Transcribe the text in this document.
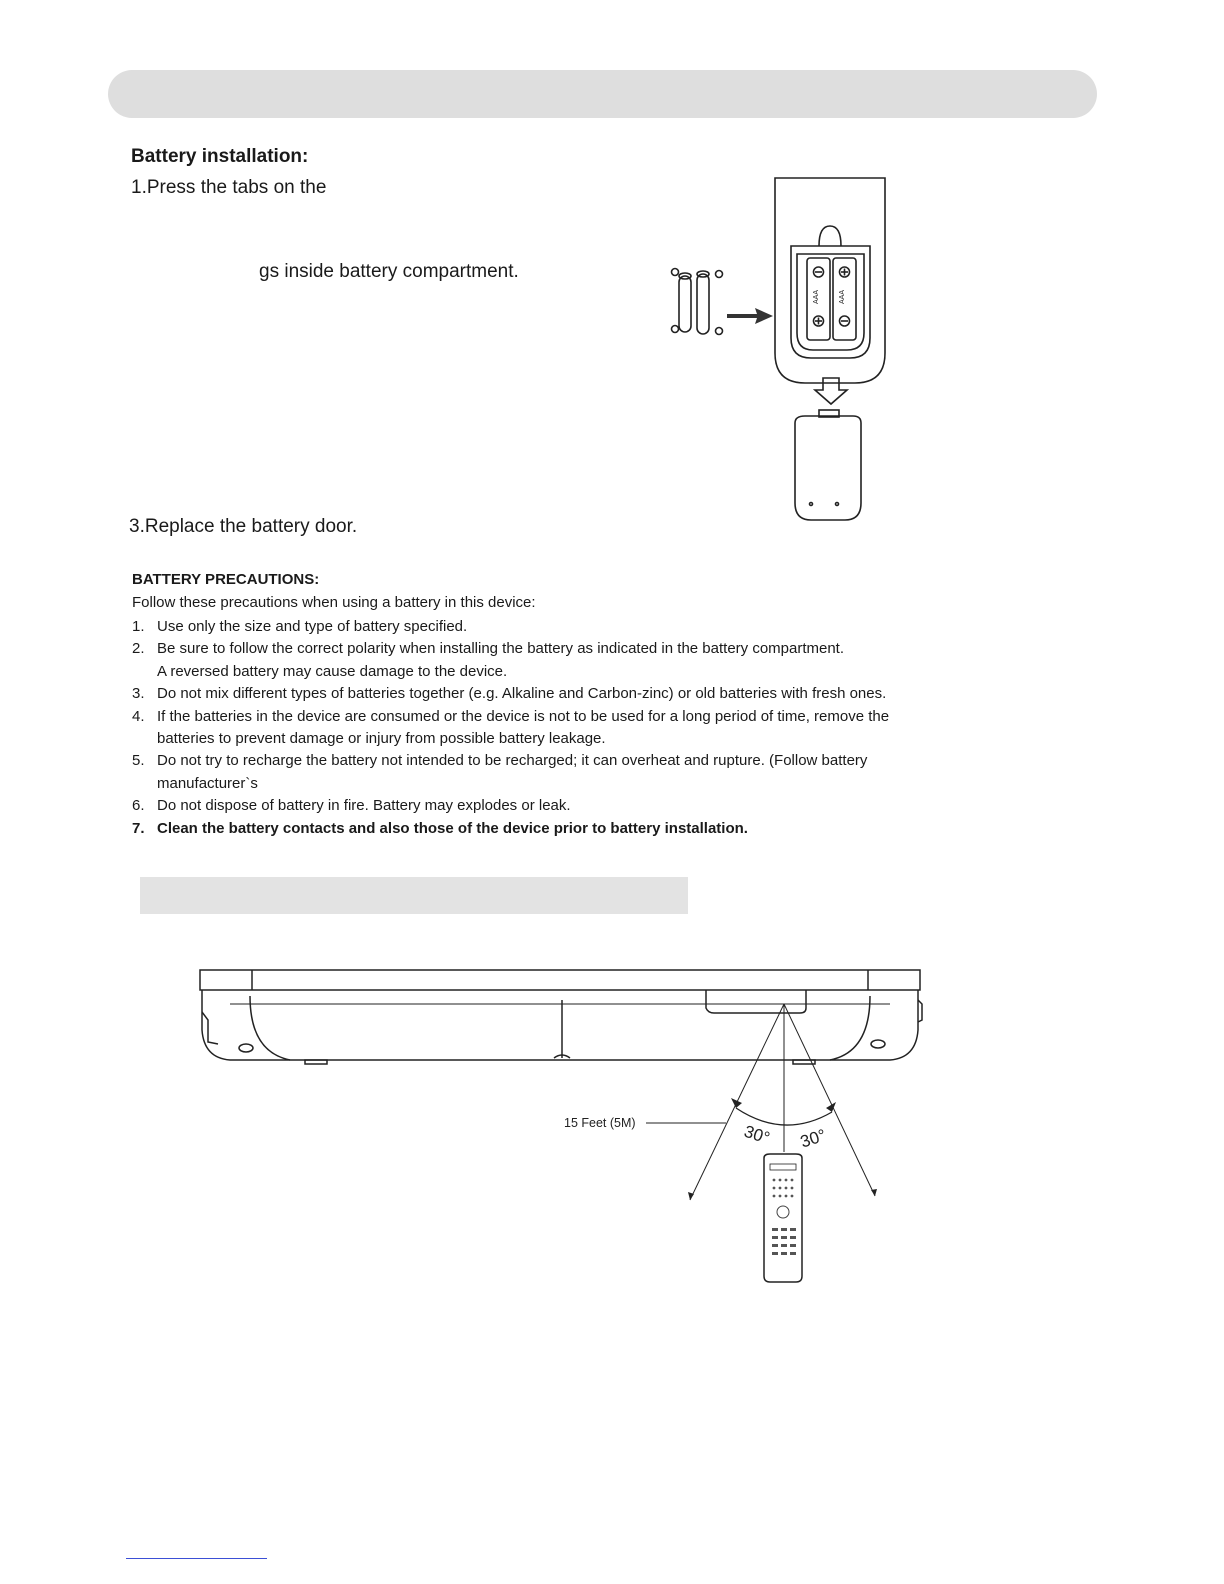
Battery installation:
1.Press the tabs on the
gs inside battery compartment.
3.Replace the battery door.
AAA	AAA
BATTERY PRECAUTIONS:
Follow these precautions when using a battery in this device:
1. Use only the size and type of battery specified.
2. Be sure to follow the correct polarity when installing the battery as indicated in the battery compartment.
A reversed battery may cause damage to the device.
3. Do not mix different types of batteries together (e.g. Alkaline and Carbon-zinc) or old batteries with fresh ones.
4. If the batteries in the device are consumed or the device is not to be used for a long period of time, remove the
batteries to prevent damage or injury from possible battery leakage.
5. Do not try to recharge the battery not intended to be recharged; it can overheat and rupture. (Follow battery
manufacturer`s
6. Do not dispose of battery in fire. Battery may explodes or leak.
7. Clean the battery contacts and also those of the device prior to battery installation.
15 Feet (5M)	30° 30°
